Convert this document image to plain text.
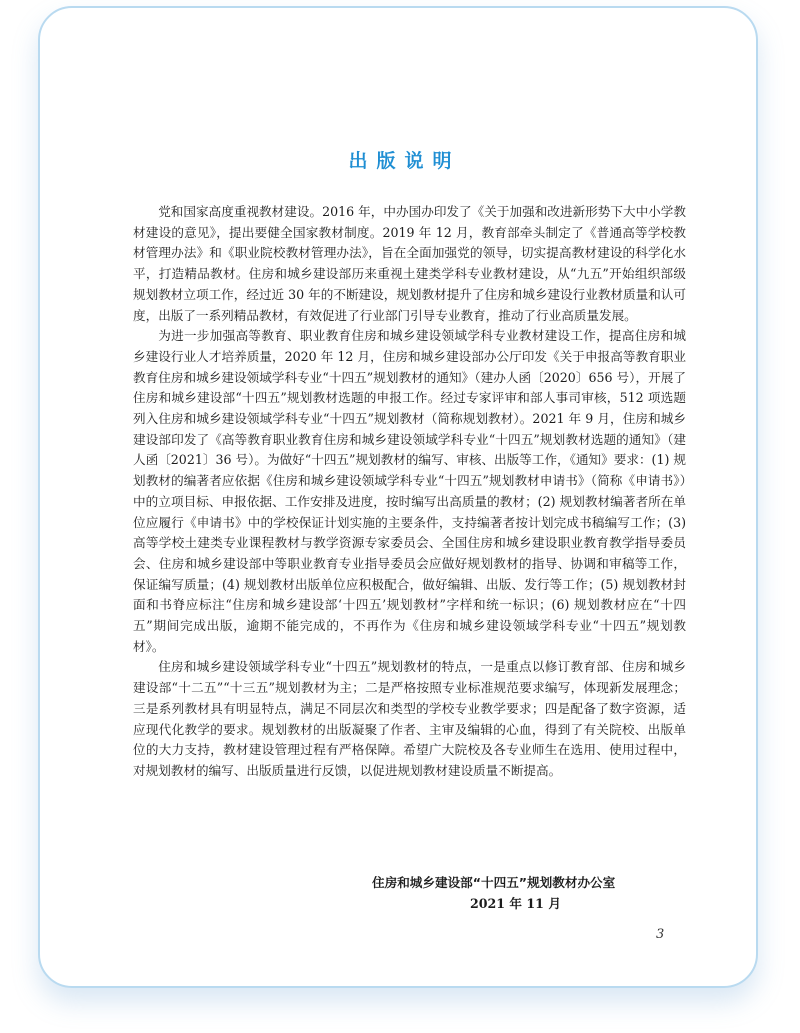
出版说明

党和国家高度重视教材建设。2016 年，中办国办印发了《关于加强和改进新形势下大中小学教材建设的意见》，提出要健全国家教材制度。2019 年 12 月，教育部牵头制定了《普通高等学校教材管理办法》和《职业院校教材管理办法》，旨在全面加强党的领导，切实提高教材建设的科学化水平，打造精品教材。住房和城乡建设部历来重视土建类学科专业教材建设，从“九五”开始组织部级规划教材立项工作，经过近 30 年的不断建设，规划教材提升了住房和城乡建设行业教材质量和认可度，出版了一系列精品教材，有效促进了行业部门引导专业教育，推动了行业高质量发展。

为进一步加强高等教育、职业教育住房和城乡建设领域学科专业教材建设工作，提高住房和城乡建设行业人才培养质量，2020 年 12 月，住房和城乡建设部办公厅印发《关于申报高等教育职业教育住房和城乡建设领域学科专业“十四五”规划教材的通知》（建办人函〔2020〕656 号），开展了住房和城乡建设部“十四五”规划教材选题的申报工作。经过专家评审和部人事司审核，512 项选题列入住房和城乡建设领域学科专业“十四五”规划教材（简称规划教材）。2021 年 9 月，住房和城乡建设部印发了《高等教育职业教育住房和城乡建设领域学科专业“十四五”规划教材选题的通知》（建人函〔2021〕36 号）。为做好“十四五”规划教材的编写、审核、出版等工作，《通知》要求：(1) 规划教材的编著者应依据《住房和城乡建设领域学科专业“十四五”规划教材申请书》（简称《申请书》）中的立项目标、申报依据、工作安排及进度，按时编写出高质量的教材；(2) 规划教材编著者所在单位应履行《申请书》中的学校保证计划实施的主要条件，支持编著者按计划完成书稿编写工作；(3) 高等学校土建类专业课程教材与教学资源专家委员会、全国住房和城乡建设职业教育教学指导委员会、住房和城乡建设部中等职业教育专业指导委员会应做好规划教材的指导、协调和审稿等工作，保证编写质量；(4) 规划教材出版单位应积极配合，做好编辑、出版、发行等工作；(5) 规划教材封面和书脊应标注“住房和城乡建设部‘十四五’规划教材”字样和统一标识；(6) 规划教材应在“十四五”期间完成出版，逾期不能完成的，不再作为《住房和城乡建设领域学科专业“十四五”规划教材》。

住房和城乡建设领域学科专业“十四五”规划教材的特点，一是重点以修订教育部、住房和城乡建设部“十二五”“十三五”规划教材为主；二是严格按照专业标准规范要求编写，体现新发展理念；三是系列教材具有明显特点，满足不同层次和类型的学校专业教学要求；四是配备了数字资源，适应现代化教学的要求。规划教材的出版凝聚了作者、主审及编辑的心血，得到了有关院校、出版单位的大力支持，教材建设管理过程有严格保障。希望广大院校及各专业师生在选用、使用过程中，对规划教材的编写、出版质量进行反馈，以促进规划教材建设质量不断提高。

住房和城乡建设部“十四五”规划教材办公室
2021 年 11 月
3
